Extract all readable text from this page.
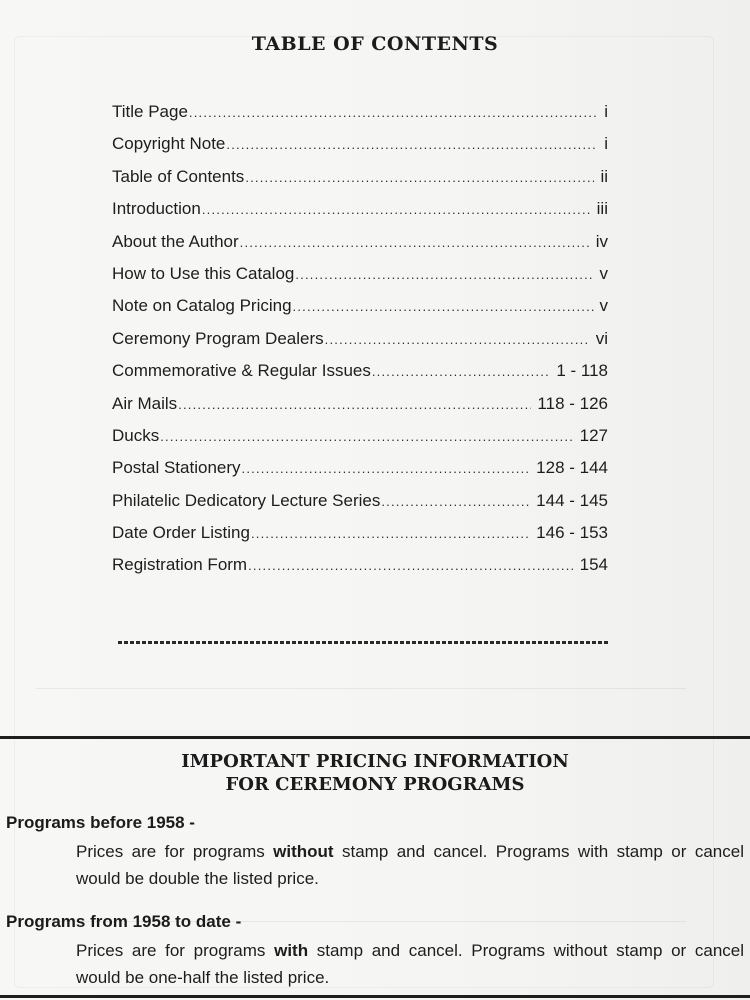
TABLE OF CONTENTS
Title Page .....	i
Copyright Note .....	i
Table of Contents .....	ii
Introduction .....	iii
About the Author .....	iv
How to Use this Catalog .....	v
Note on Catalog Pricing .....	v
Ceremony Program Dealers .....	vi
Commemorative & Regular Issues .....	1 - 118
Air Mails .....	118 - 126
Ducks .....	127
Postal Stationery .....	128 - 144
Philatelic Dedicatory Lecture Series .....	144 - 145
Date Order Listing .....	146 - 153
Registration Form .....	154
IMPORTANT PRICING INFORMATION
FOR CEREMONY PROGRAMS
Programs before 1958 -
Prices are for programs without stamp and cancel. Programs with stamp or cancel would be double the listed price.
Programs from 1958 to date -
Prices are for programs with stamp and cancel. Programs without stamp or cancel would be one-half the listed price.
